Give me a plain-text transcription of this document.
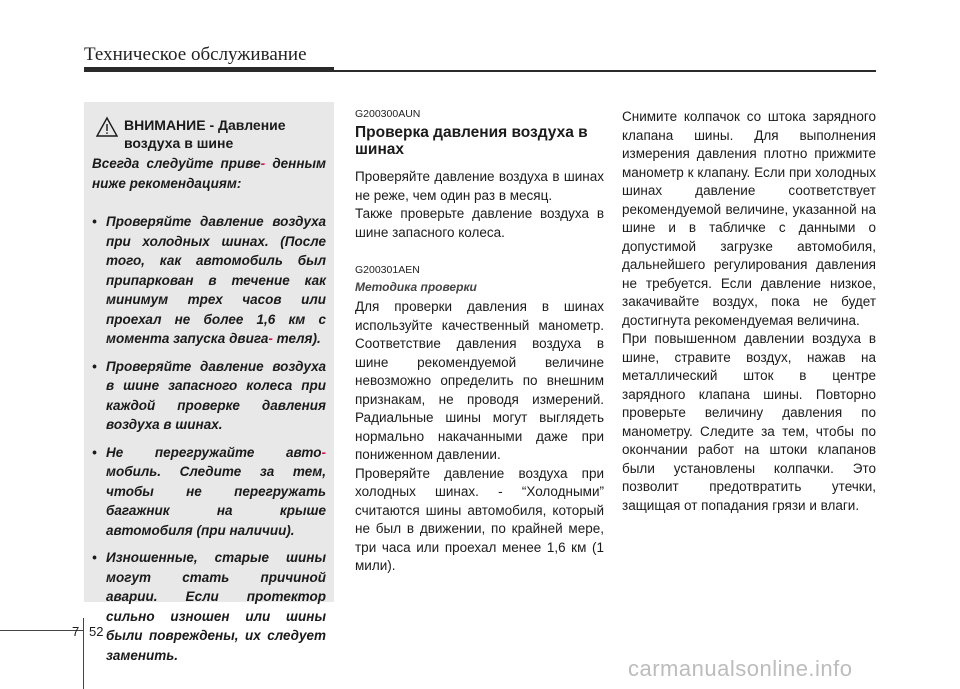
Техническое обслуживание
ВНИМАНИЕ - Давление воздуха в шине
Всегда следуйте приве- денным ниже рекомендациям:
• Проверяйте давление воздуха при холодных шинах. (После того, как автомобиль был припаркован в течение как минимум трех часов или проехал не более 1,6 км с момента запуска двига- теля).
• Проверяйте давление воздуха в шине запасного колеса при каждой проверке давления воздуха в шинах.
• Не перегружайте авто- мобиль. Следите за тем, чтобы не перегружать багажник на крыше автомобиля (при наличии).
• Изношенные, старые шины могут стать причиной аварии. Если протектор сильно изношен или шины были повреждены, их следует заменить.

G200300AUN

Проверка давления воздуха в шинах

Проверяйте давление воздуха в шинах не реже, чем один раз в месяц.

Также проверьте давление воздуха в шине запасного колеса.

G200301AEN

Методика проверки

Для проверки давления в шинах используйте качественный манометр. Соответствие давления воздуха в шине рекомендуемой величине невозможно определить по внешним признакам, не проводя измерений. Радиальные шины могут выглядеть нормально накачанными даже при пониженном давлении.

Проверяйте давление воздуха при холодных шинах. - “Холодными” считаются шины автомобиля, который не был в движении, по крайней мере, три часа или проехал менее 1,6 км (1 мили).

Снимите колпачок со штока зарядного клапана шины. Для выполнения измерения давления плотно прижмите манометр к клапану. Если при холодных шинах давление соответствует рекомендуемой величине, указанной на шине и в табличке с данными о допустимой загрузке автомобиля, дальнейшего регулирования давления не требуется. Если давление низкое, закачивайте воздух, пока не будет достигнута рекомендуемая величина.

При повышенном давлении воздуха в шине, стравите воздух, нажав на металлический шток в центре зарядного клапана шины. Повторно проверьте величину давления по манометру. Следите за тем, чтобы по окончании работ на штоки клапанов были установлены колпачки. Это позволит предотвратить утечки, защищая от попадания грязи и влаги.

7 52
carmanualsonline.info
